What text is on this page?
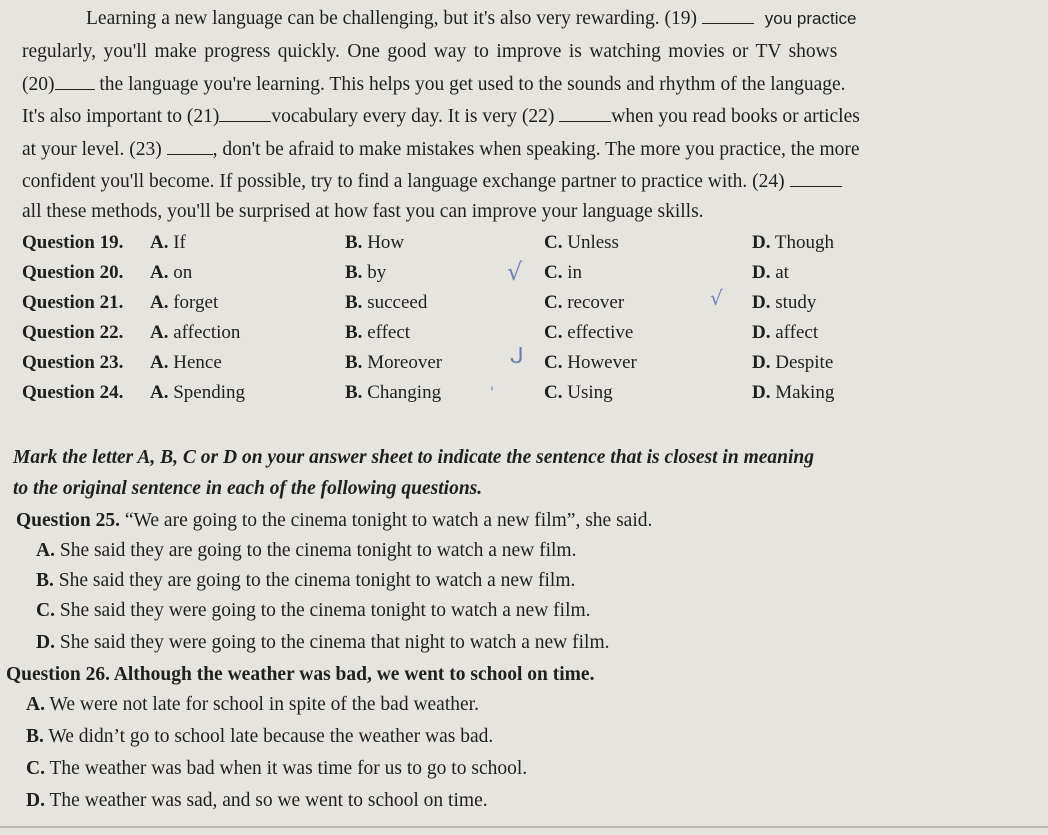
Learning a new language can be challenging, but it's also very rewarding. (19)	you practice
regularly, you'll make progress quickly. One good way to improve is watching movies or TV shows
(20) the language you're learning. This helps you get used to the sounds and rhythm of the language.
It's also important to (21)	vocabulary every day. It is very (22)	when you read books or articles
at your level. (23)	, don't be afraid to make mistakes when speaking. The more you practice, the more
confident you'll become. If possible, try to find a language exchange partner to practice with. (24)
all these methods, you'll be surprised at how fast you can improve your language skills.
Question 19. A. If	B. How	C. Unless	D. Though
Question 20. A. on	B. by	C. in	D. at
Question 21. A. forget	B. succeed	C. recover	D. study
Question 22. A. affection	B. effect	C. effective	D. affect
Question 23. A. Hence	B. Moreover	C. However	D. Despite
Question 24. A. Spending	B. Changing	C. Using	D. Making
√
√
ᒍ
'
Mark the letter A, B, C or D on your answer sheet to indicate the sentence that is closest in meaning
to the original sentence in each of the following questions.
Question 25. “We are going to the cinema tonight to watch a new film”, she said.
A. She said they are going to the cinema tonight to watch a new film.
B. She said they are going to the cinema tonight to watch a new film.
C. She said they were going to the cinema tonight to watch a new film.
D. She said they were going to the cinema that night to watch a new film.
Question 26. Although the weather was bad, we went to school on time.
A. We were not late for school in spite of the bad weather.
B. We didn’t go to school late because the weather was bad.
C. The weather was bad when it was time for us to go to school.
D. The weather was sad, and so we went to school on time.
